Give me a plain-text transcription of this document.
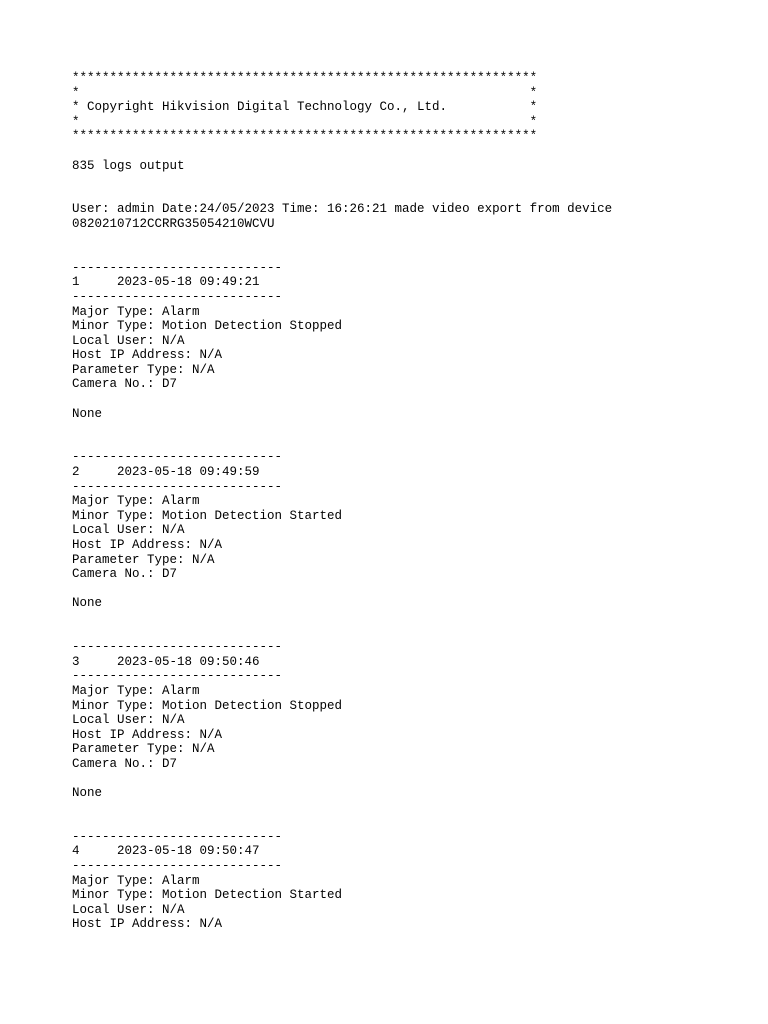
**************************************************************
*                                                            *
* Copyright Hikvision Digital Technology Co., Ltd.           *
*                                                            *
**************************************************************
835 logs output
User: admin Date:24/05/2023 Time: 16:26:21 made video export from device
0820210712CCRRG35054210WCVU
----------------------------
1     2023-05-18 09:49:21
----------------------------
Major Type: Alarm
Minor Type: Motion Detection Stopped
Local User: N/A
Host IP Address: N/A
Parameter Type: N/A
Camera No.: D7
None
----------------------------
2     2023-05-18 09:49:59
----------------------------
Major Type: Alarm
Minor Type: Motion Detection Started
Local User: N/A
Host IP Address: N/A
Parameter Type: N/A
Camera No.: D7
None
----------------------------
3     2023-05-18 09:50:46
----------------------------
Major Type: Alarm
Minor Type: Motion Detection Stopped
Local User: N/A
Host IP Address: N/A
Parameter Type: N/A
Camera No.: D7
None
----------------------------
4     2023-05-18 09:50:47
----------------------------
Major Type: Alarm
Minor Type: Motion Detection Started
Local User: N/A
Host IP Address: N/A
